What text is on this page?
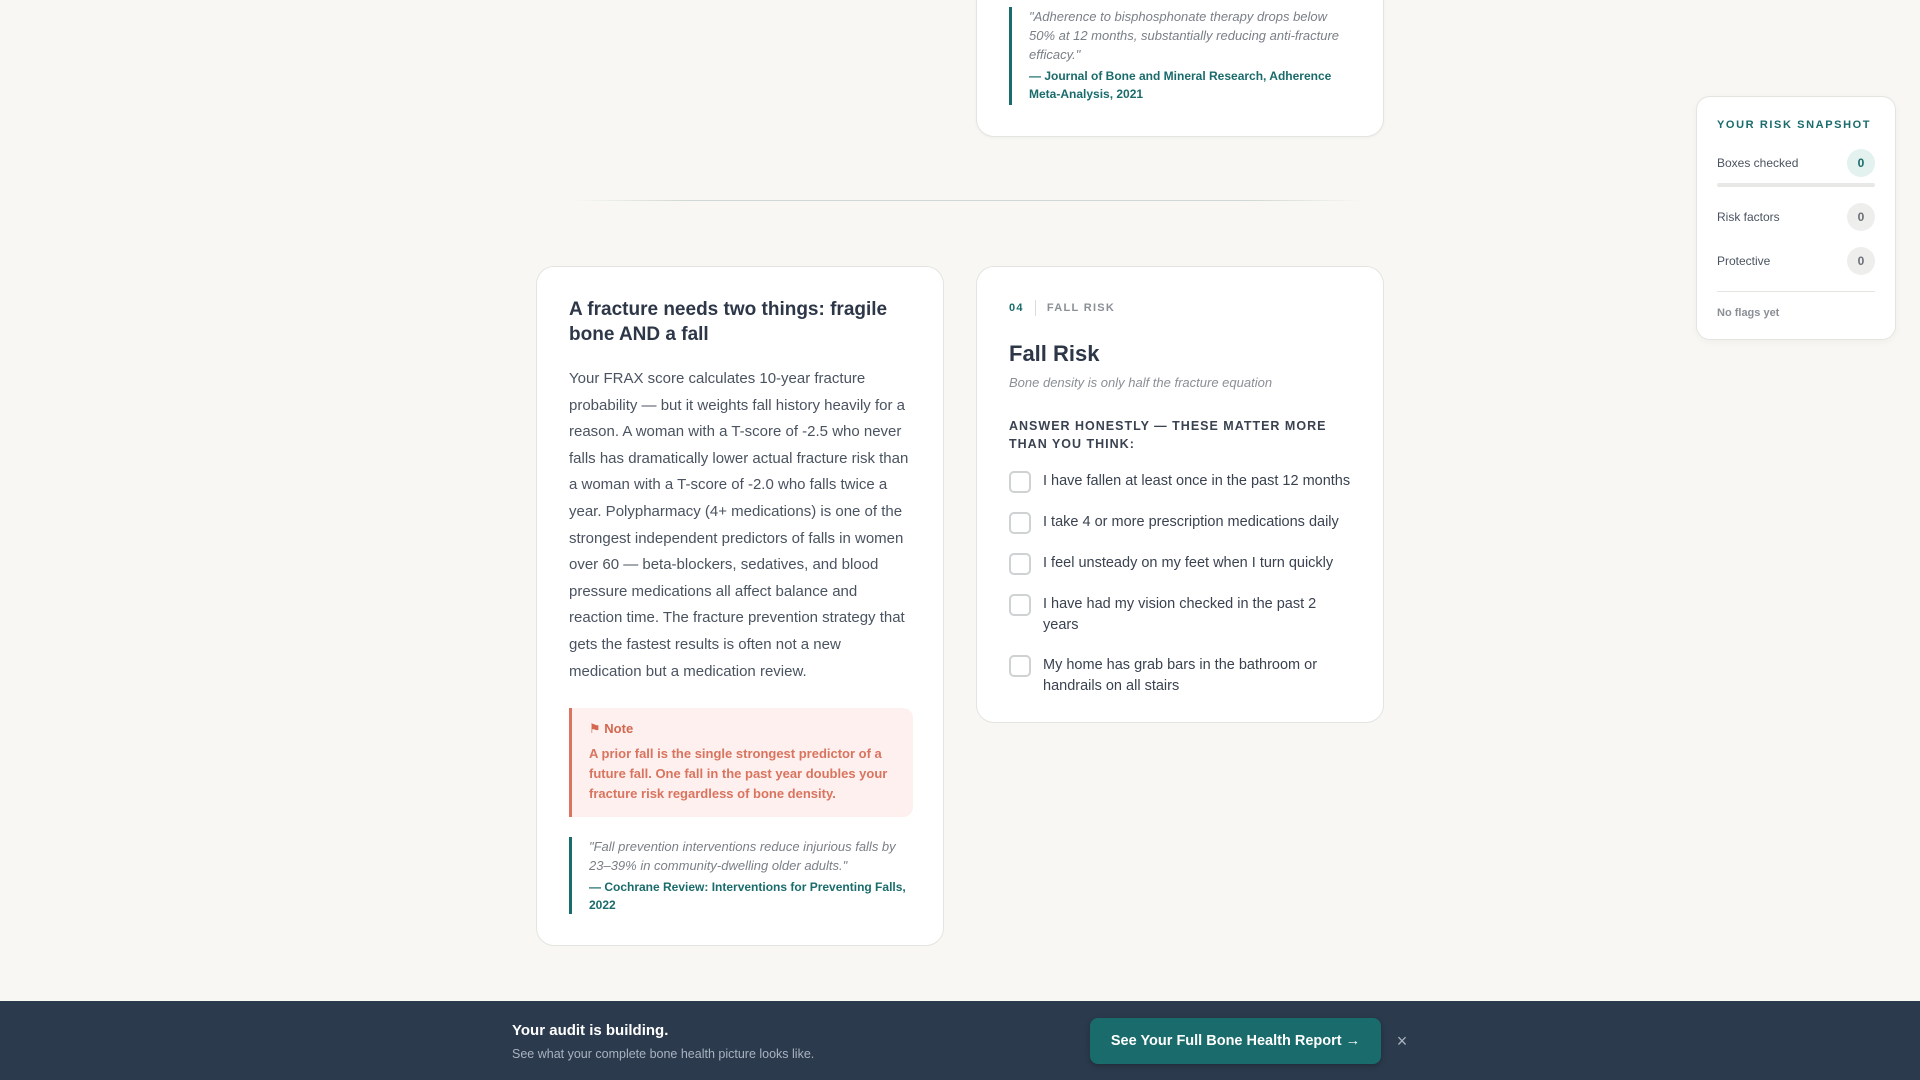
"Adherence to bisphosphonate therapy drops below 50% at 12 months, substantially reducing anti-fracture efficacy."

— Journal of Bone and Mineral Research, Adherence Meta-Analysis, 2021

A fracture needs two things: fragile bone AND a fall

Your FRAX score calculates 10-year fracture probability — but it weights fall history heavily for a reason. A woman with a T-score of -2.5 who never falls has dramatically lower actual fracture risk than a woman with a T-score of -2.0 who falls twice a year. Polypharmacy (4+ medications) is one of the strongest independent predictors of falls in women over 60 — beta-blockers, sedatives, and blood pressure medications all affect balance and reaction time. The fracture prevention strategy that gets the fastest results is often not a new medication but a medication review.

⚑ Note

A prior fall is the single strongest predictor of a future fall. One fall in the past year doubles your fracture risk regardless of bone density.

"Fall prevention interventions reduce injurious falls by 23–39% in community-dwelling older adults."

— Cochrane Review: Interventions for Preventing Falls, 2022

04 FALL RISK
Fall Risk

Bone density is only half the fracture equation

ANSWER HONESTLY — THESE MATTER MORE THAN YOU THINK:

I have fallen at least once in the past 12 months
I take 4 or more prescription medications daily
I feel unsteady on my feet when I turn quickly
I have had my vision checked in the past 2 years
My home has grab bars in the bathroom or handrails on all stairs
YOUR RISK SNAPSHOT
Boxes checked	0
Risk factors	0
Protective	0
No flags yet
Your audit is building.
See what your complete bone health picture looks like.
See Your Full Bone Health Report →	×
